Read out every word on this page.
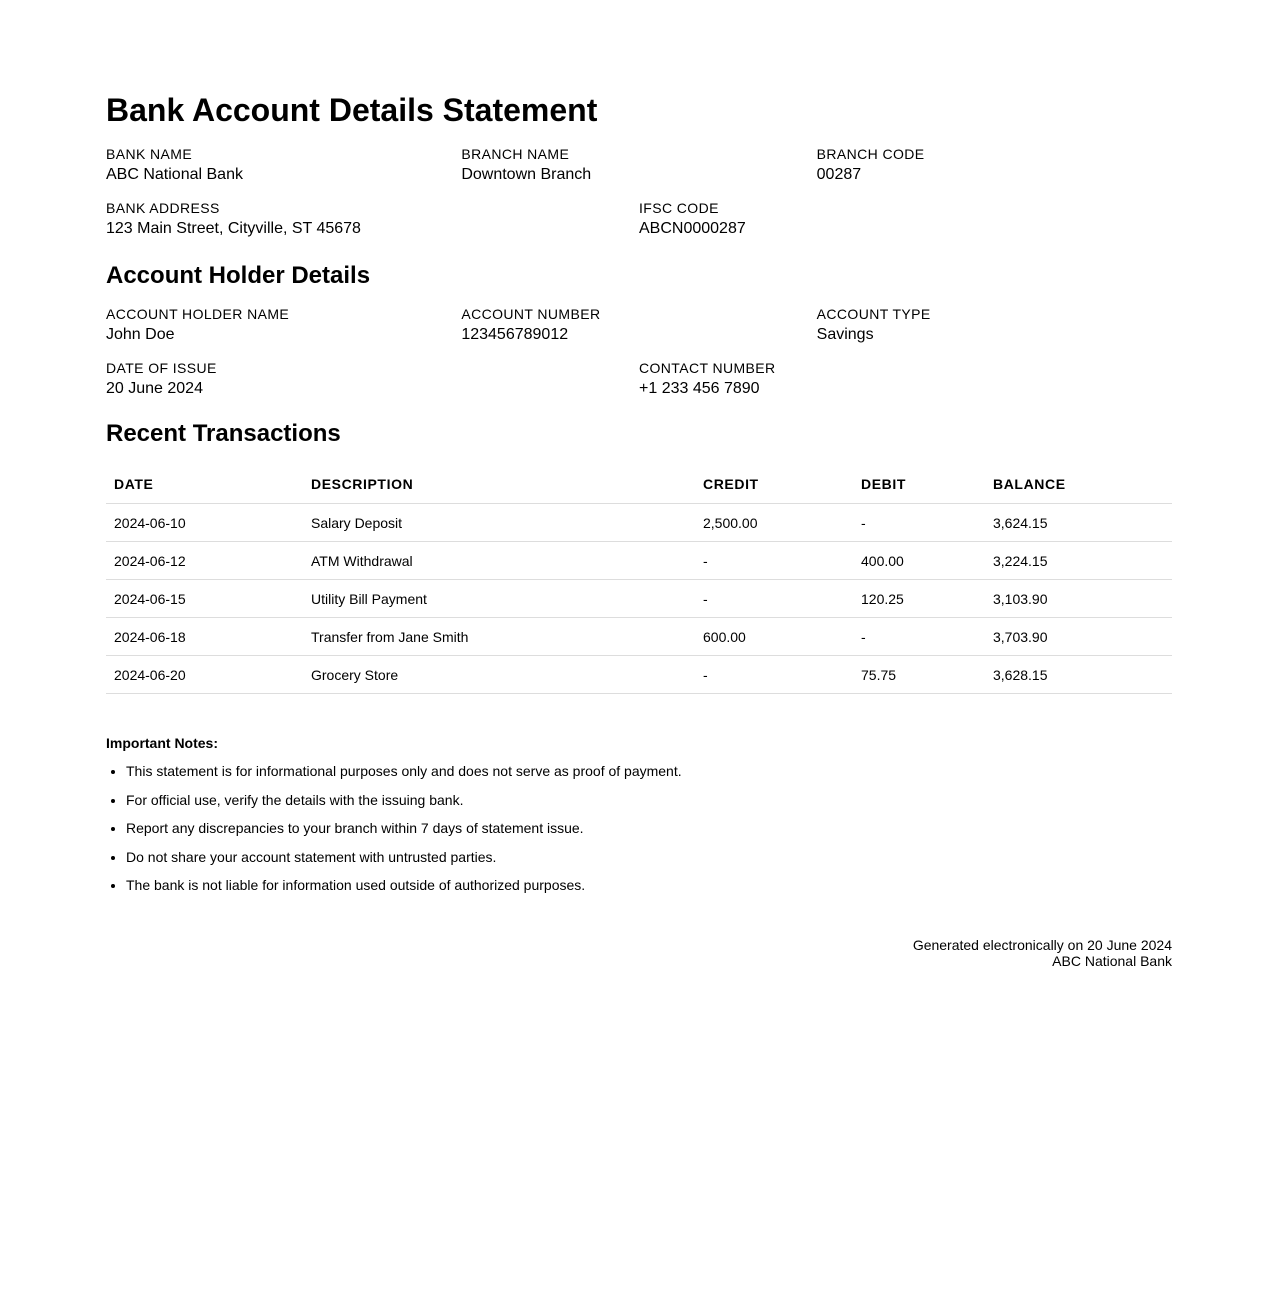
Bank Account Details Statement
BANK NAME
ABC National Bank
BRANCH NAME
Downtown Branch
BRANCH CODE
00287
BANK ADDRESS
123 Main Street, Cityville, ST 45678
IFSC CODE
ABCN0000287
Account Holder Details
ACCOUNT HOLDER NAME
John Doe
ACCOUNT NUMBER
123456789012
ACCOUNT TYPE
Savings
DATE OF ISSUE
20 June 2024
CONTACT NUMBER
+1 233 456 7890
Recent Transactions
DATE	DESCRIPTION	CREDIT	DEBIT	BALANCE
2024-06-10	Salary Deposit	2,500.00	-	3,624.15
2024-06-12	ATM Withdrawal	-	400.00	3,224.15
2024-06-15	Utility Bill Payment	-	120.25	3,103.90
2024-06-18	Transfer from Jane Smith	600.00	-	3,703.90
2024-06-20	Grocery Store	-	75.75	3,628.15
Important Notes:
• This statement is for informational purposes only and does not serve as proof of payment.
• For official use, verify the details with the issuing bank.
• Report any discrepancies to your branch within 7 days of statement issue.
• Do not share your account statement with untrusted parties.
• The bank is not liable for information used outside of authorized purposes.
Generated electronically on 20 June 2024
ABC National Bank
